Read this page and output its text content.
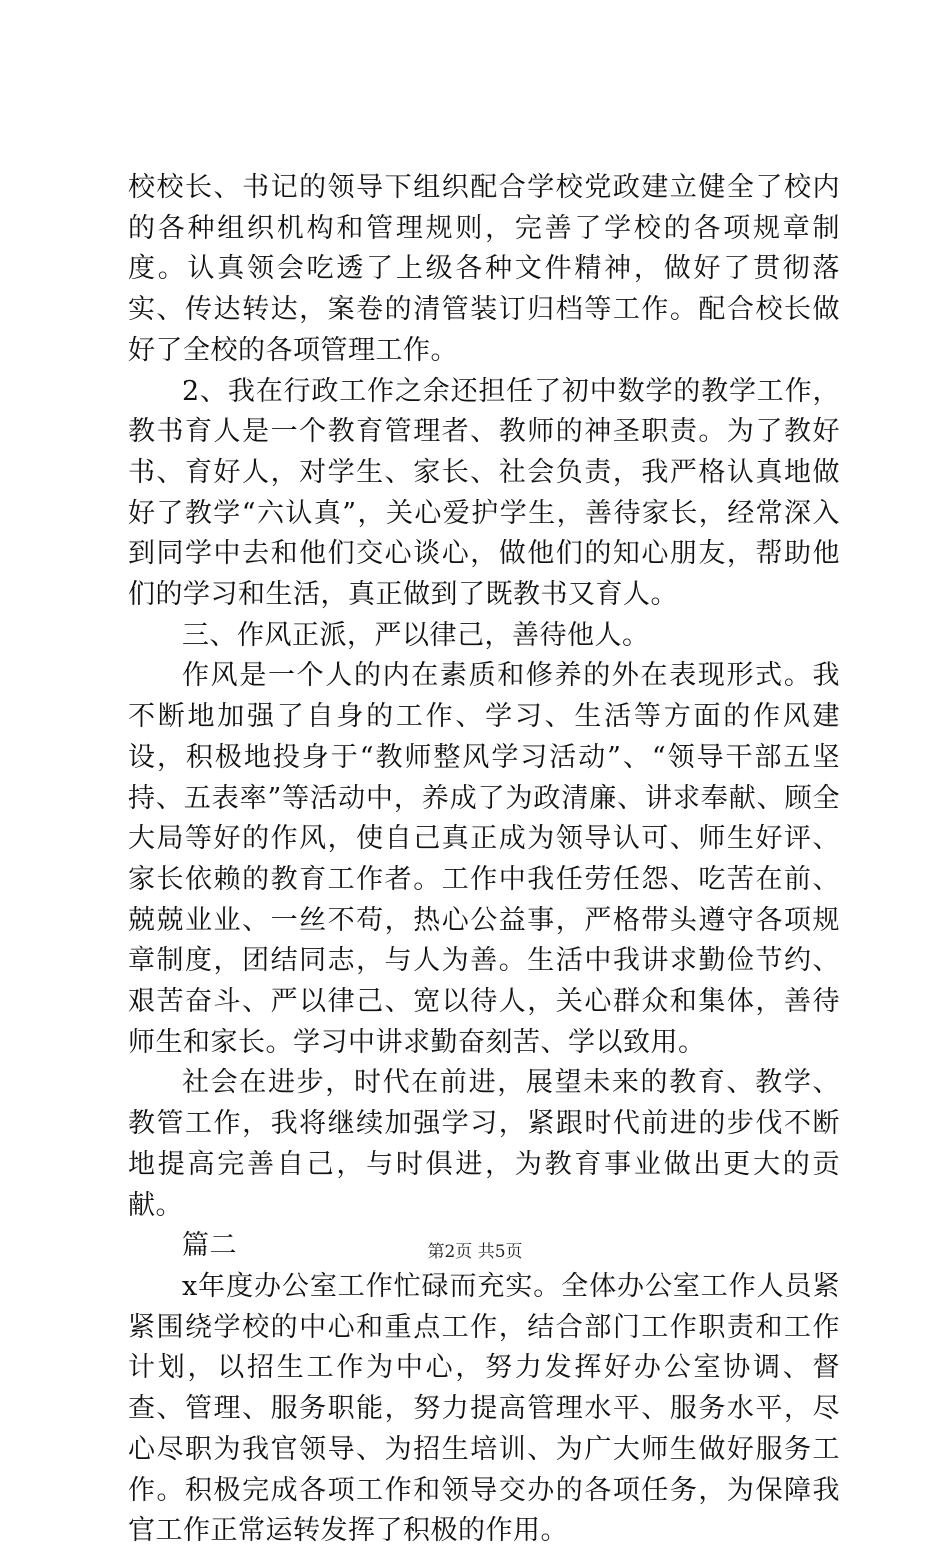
校校长、书记的领导下组织配合学校党政建立健全了校内的各种组织机构和管理规则，完善了学校的各项规章制度。认真领会吃透了上级各种文件精神，做好了贯彻落实、传达转达，案卷的清管装订归档等工作。配合校长做好了全校的各项管理工作。

2、我在行政工作之余还担任了初中数学的教学工作，教书育人是一个教育管理者、教师的神圣职责。为了教好书、育好人，对学生、家长、社会负责，我严格认真地做好了教学“六认真”，关心爱护学生，善待家长，经常深入到同学中去和他们交心谈心，做他们的知心朋友，帮助他们的学习和生活，真正做到了既教书又育人。

三、作风正派，严以律己，善待他人。

作风是一个人的内在素质和修养的外在表现形式。我不断地加强了自身的工作、学习、生活等方面的作风建设，积极地投身于“教师整风学习活动”、“领导干部五坚持、五表率”等活动中，养成了为政清廉、讲求奉献、顾全大局等好的作风，使自己真正成为领导认可、师生好评、家长依赖的教育工作者。工作中我任劳任怨、吃苦在前、兢兢业业、一丝不苟，热心公益事，严格带头遵守各项规章制度，团结同志，与人为善。生活中我讲求勤俭节约、艰苦奋斗、严以律己、宽以待人，关心群众和集体，善待师生和家长。学习中讲求勤奋刻苦、学以致用。

社会在进步，时代在前进，展望未来的教育、教学、教管工作，我将继续加强学习，紧跟时代前进的步伐不断地提高完善自己，与时俱进，为教育事业做出更大的贡献。

篇二

x年度办公室工作忙碌而充实。全体办公室工作人员紧紧围绕学校的中心和重点工作，结合部门工作职责和工作计划，以招生工作为中心，努力发挥好办公室协调、督查、管理、服务职能，努力提高管理水平、服务水平，尽心尽职为我官领导、为招生培训、为广大师生做好服务工作。积极完成各项工作和领导交办的各项任务，为保障我官工作正常运转发挥了积极的作用。

第2页 共5页
